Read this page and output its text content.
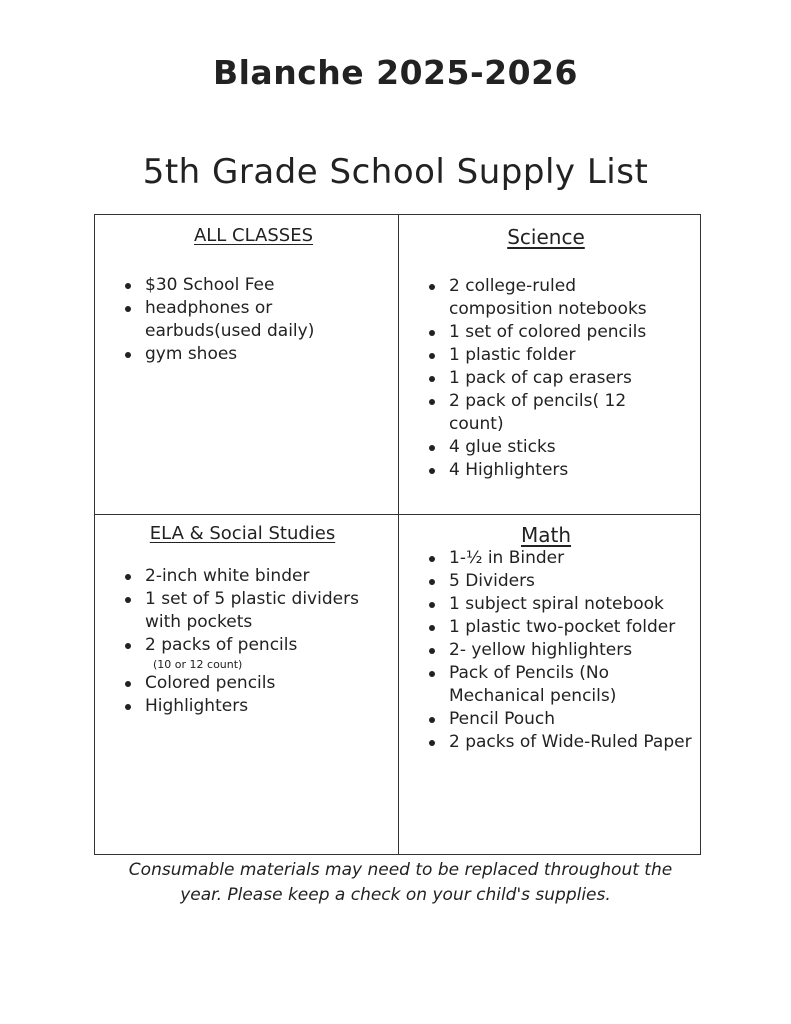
Blanche 2025-2026
5th Grade School Supply List
ALL CLASSES
$30 School Fee
headphones or earbuds(used daily)
gym shoes
Science
2 college-ruled composition notebooks
1 set of colored pencils
1 plastic folder
1 pack of cap erasers
2 pack of pencils( 12 count)
4 glue sticks
4 Highlighters
ELA & Social Studies
2-inch white binder
1 set of 5 plastic dividers with pockets
2 packs of pencils
(10 or 12 count)
Colored pencils
Highlighters
Math
1-½ in Binder
5 Dividers
1 subject spiral notebook
1 plastic two-pocket folder
2- yellow highlighters
Pack of Pencils (No Mechanical pencils)
Pencil Pouch
2 packs of Wide-Ruled Paper
Consumable materials may need to be replaced throughout the
year. Please keep a check on your child's supplies.
